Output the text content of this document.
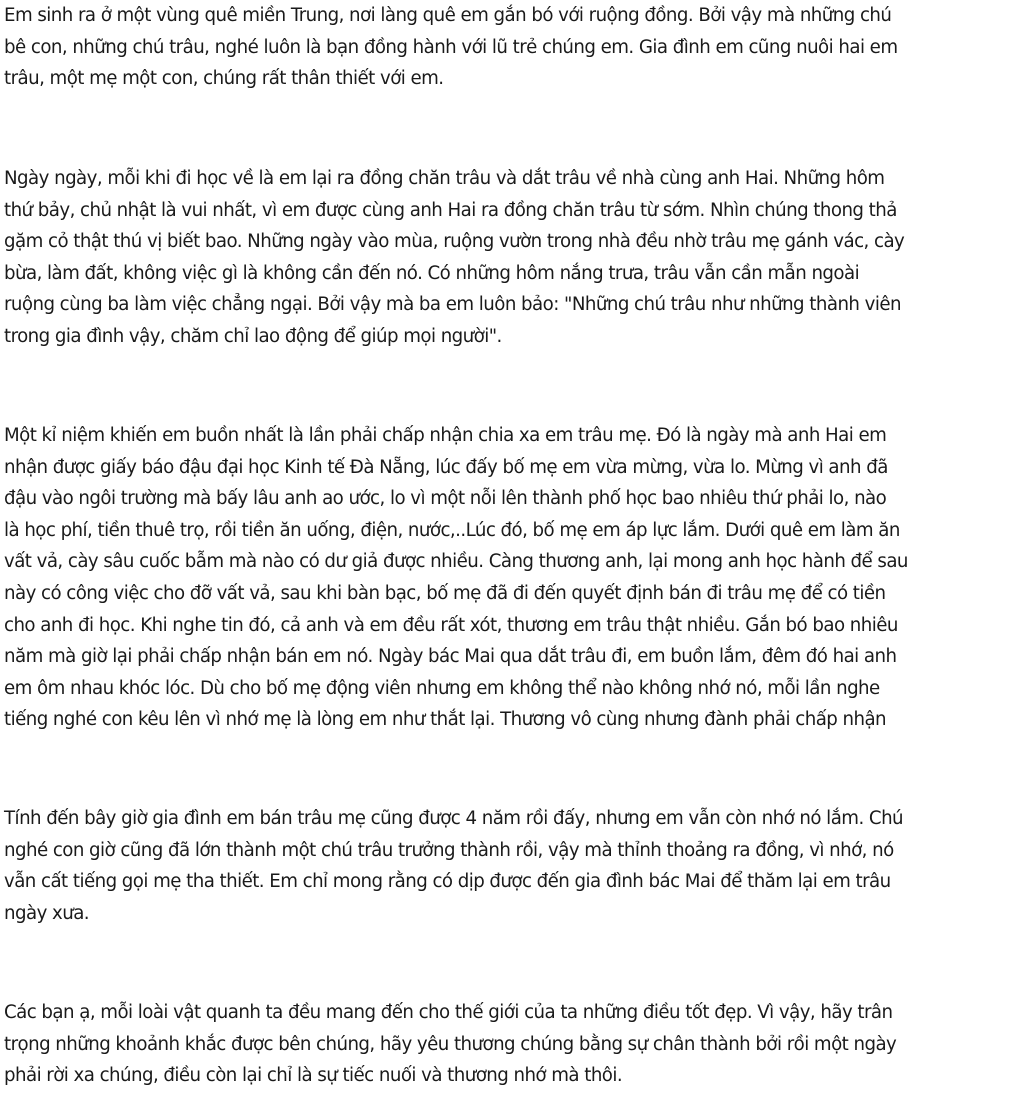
Em sinh ra ở một vùng quê miền Trung, nơi làng quê em gắn bó với ruộng đồng. Bởi vậy mà những chú
bê con, những chú trâu, nghé luôn là bạn đồng hành với lũ trẻ chúng em. Gia đình em cũng nuôi hai em
trâu, một mẹ một con, chúng rất thân thiết với em.

Ngày ngày, mỗi khi đi học về là em lại ra đồng chăn trâu và dắt trâu về nhà cùng anh Hai. Những hôm
thứ bảy, chủ nhật là vui nhất, vì em được cùng anh Hai ra đồng chăn trâu từ sớm. Nhìn chúng thong thả
gặm cỏ thật thú vị biết bao. Những ngày vào mùa, ruộng vườn trong nhà đều nhờ trâu mẹ gánh vác, cày
bừa, làm đất, không việc gì là không cần đến nó. Có những hôm nắng trưa, trâu vẫn cần mẫn ngoài
ruộng cùng ba làm việc chẳng ngại. Bởi vậy mà ba em luôn bảo: "Những chú trâu như những thành viên
trong gia đình vậy, chăm chỉ lao động để giúp mọi người".

Một kỉ niệm khiến em buồn nhất là lần phải chấp nhận chia xa em trâu mẹ. Đó là ngày mà anh Hai em
nhận được giấy báo đậu đại học Kinh tế Đà Nẵng, lúc đấy bố mẹ em vừa mừng, vừa lo. Mừng vì anh đã
đậu vào ngôi trường mà bấy lâu anh ao ước, lo vì một nỗi lên thành phố học bao nhiêu thứ phải lo, nào
là học phí, tiền thuê trọ, rồi tiền ăn uống, điện, nước,..Lúc đó, bố mẹ em áp lực lắm. Dưới quê em làm ăn
vất vả, cày sâu cuốc bẫm mà nào có dư giả được nhiều. Càng thương anh, lại mong anh học hành để sau
này có công việc cho đỡ vất vả, sau khi bàn bạc, bố mẹ đã đi đến quyết định bán đi trâu mẹ để có tiền
cho anh đi học. Khi nghe tin đó, cả anh và em đều rất xót, thương em trâu thật nhiều. Gắn bó bao nhiêu
năm mà giờ lại phải chấp nhận bán em nó. Ngày bác Mai qua dắt trâu đi, em buồn lắm, đêm đó hai anh
em ôm nhau khóc lóc. Dù cho bố mẹ động viên nhưng em không thể nào không nhớ nó, mỗi lần nghe
tiếng nghé con kêu lên vì nhớ mẹ là lòng em như thắt lại. Thương vô cùng nhưng đành phải chấp nhận

Tính đến bây giờ gia đình em bán trâu mẹ cũng được 4 năm rồi đấy, nhưng em vẫn còn nhớ nó lắm. Chú
nghé con giờ cũng đã lớn thành một chú trâu trưởng thành rồi, vậy mà thỉnh thoảng ra đồng, vì nhớ, nó
vẫn cất tiếng gọi mẹ tha thiết. Em chỉ mong rằng có dịp được đến gia đình bác Mai để thăm lại em trâu
ngày xưa.

Các bạn ạ, mỗi loài vật quanh ta đều mang đến cho thế giới của ta những điều tốt đẹp. Vì vậy, hãy trân
trọng những khoảnh khắc được bên chúng, hãy yêu thương chúng bằng sự chân thành bởi rồi một ngày
phải rời xa chúng, điều còn lại chỉ là sự tiếc nuối và thương nhớ mà thôi.
